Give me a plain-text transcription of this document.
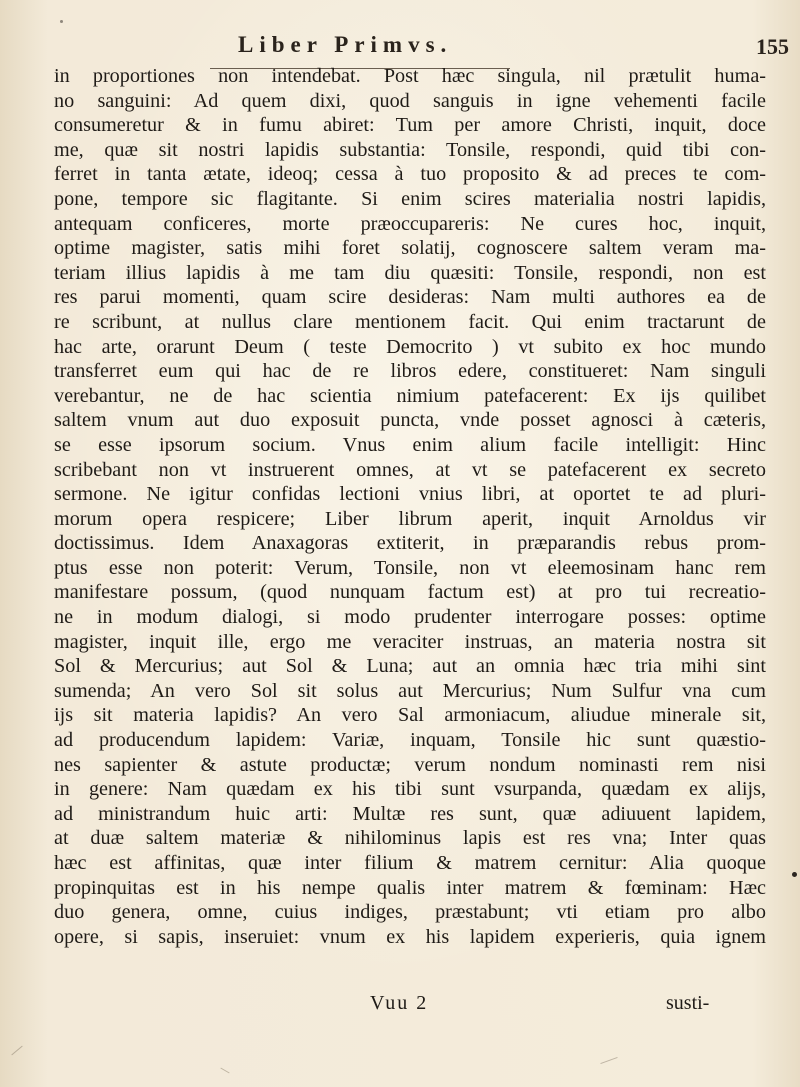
Liber Primvs.	155
in proportiones non intendebat. Post hæc singula, nil prætulit huma-
no sanguini: Ad quem dixi, quod sanguis in igne vehementi facile
consumeretur & in fumu abiret: Tum per amore Christi, inquit, doce
me, quæ sit nostri lapidis substantia: Tonsile, respondi, quid tibi con-
ferret in tanta ætate, ideoq; cessa à tuo proposito & ad preces te com-
pone, tempore sic flagitante. Si enim scires materialia nostri lapidis,
antequam conficeres, morte præoccupareris: Ne cures hoc, inquit,
optime magister, satis mihi foret solatij, cognoscere saltem veram ma-
teriam illius lapidis à me tam diu quæsiti: Tonsile, respondi, non est
res parui momenti, quam scire desideras: Nam multi authores ea de
re scribunt, at nullus clare mentionem facit. Qui enim tractarunt de
hac arte, orarunt Deum ( teste Democrito ) vt subito ex hoc mundo
transferret eum qui hac de re libros edere, constitueret: Nam singuli
verebantur, ne de hac scientia nimium patefacerent: Ex ijs quilibet
saltem vnum aut duo exposuit puncta, vnde posset agnosci à cæteris,
se esse ipsorum socium. Vnus enim alium facile intelligit: Hinc
scribebant non vt instruerent omnes, at vt se patefacerent ex secreto
sermone. Ne igitur confidas lectioni vnius libri, at oportet te ad pluri-
morum opera respicere; Liber librum aperit, inquit Arnoldus vir
doctissimus. Idem Anaxagoras extiterit, in præparandis rebus prom-
ptus esse non poterit: Verum, Tonsile, non vt eleemosinam hanc rem
manifestare possum, (quod nunquam factum est) at pro tui recreatio-
ne in modum dialogi, si modo prudenter interrogare posses: optime
magister, inquit ille, ergo me veraciter instruas, an materia nostra sit
Sol & Mercurius; aut Sol & Luna; aut an omnia hæc tria mihi sint
sumenda; An vero Sol sit solus aut Mercurius; Num Sulfur vna cum
ijs sit materia lapidis? An vero Sal armoniacum, aliudue minerale sit,
ad producendum lapidem: Variæ, inquam, Tonsile hic sunt quæstio-
nes sapienter & astute productæ; verum nondum nominasti rem nisi
in genere: Nam quædam ex his tibi sunt vsurpanda, quædam ex alijs,
ad ministrandum huic arti: Multæ res sunt, quæ adiuuent lapidem,
at duæ saltem materiæ & nihilominus lapis est res vna; Inter quas
hæc est affinitas, quæ inter filium & matrem cernitur: Alia quoque
propinquitas est in his nempe qualis inter matrem & fœminam: Hæc
duo genera, omne, cuius indiges, præstabunt; vti etiam pro albo
opere, si sapis, inseruiet: vnum ex his lapidem experieris, quia ignem
Vuu 2	susti-
